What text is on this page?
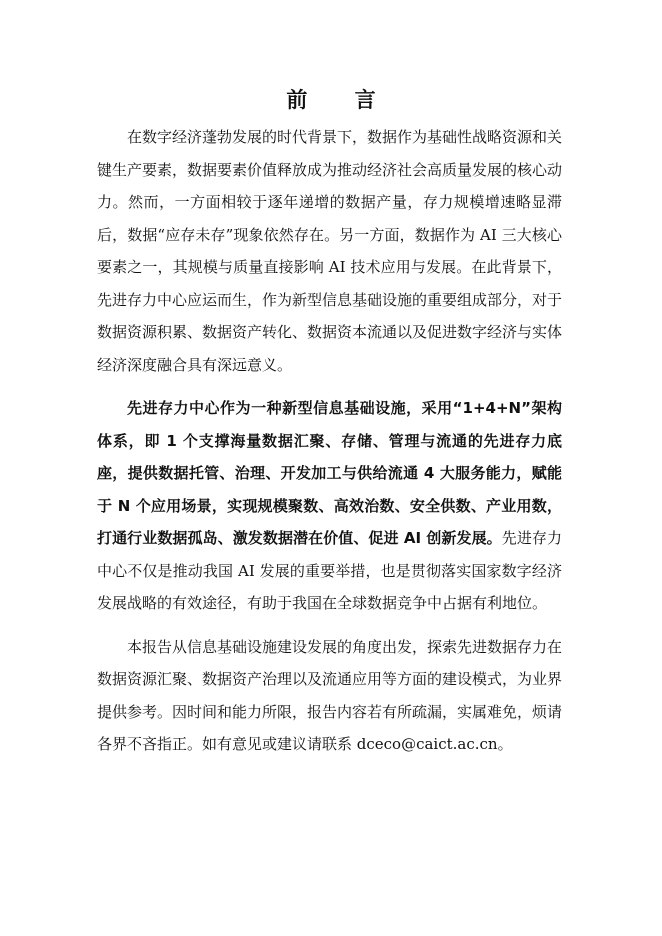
前 言

在数字经济蓬勃发展的时代背景下，数据作为基础性战略资源和关键生产要素，数据要素价值释放成为推动经济社会高质量发展的核心动力。然而，一方面相较于逐年递增的数据产量，存力规模增速略显滞后，数据“应存未存”现象依然存在。另一方面，数据作为 AI 三大核心要素之一，其规模与质量直接影响 AI 技术应用与发展。在此背景下，先进存力中心应运而生，作为新型信息基础设施的重要组成部分，对于数据资源积累、数据资产转化、数据资本流通以及促进数字经济与实体经济深度融合具有深远意义。

先进存力中心作为一种新型信息基础设施，采用“1+4+N”架构体系，即 1 个支撑海量数据汇聚、存储、管理与流通的先进存力底座，提供数据托管、治理、开发加工与供给流通 4 大服务能力，赋能于 N 个应用场景，实现规模聚数、高效治数、安全供数、产业用数，打通行业数据孤岛、激发数据潜在价值、促进 AI 创新发展。先进存力中心不仅是推动我国 AI 发展的重要举措，也是贯彻落实国家数字经济发展战略的有效途径，有助于我国在全球数据竞争中占据有利地位。

本报告从信息基础设施建设发展的角度出发，探索先进数据存力在数据资源汇聚、数据资产治理以及流通应用等方面的建设模式，为业界提供参考。因时间和能力所限，报告内容若有所疏漏，实属难免，烦请各界不吝指正。如有意见或建议请联系 dceco@caict.ac.cn。
